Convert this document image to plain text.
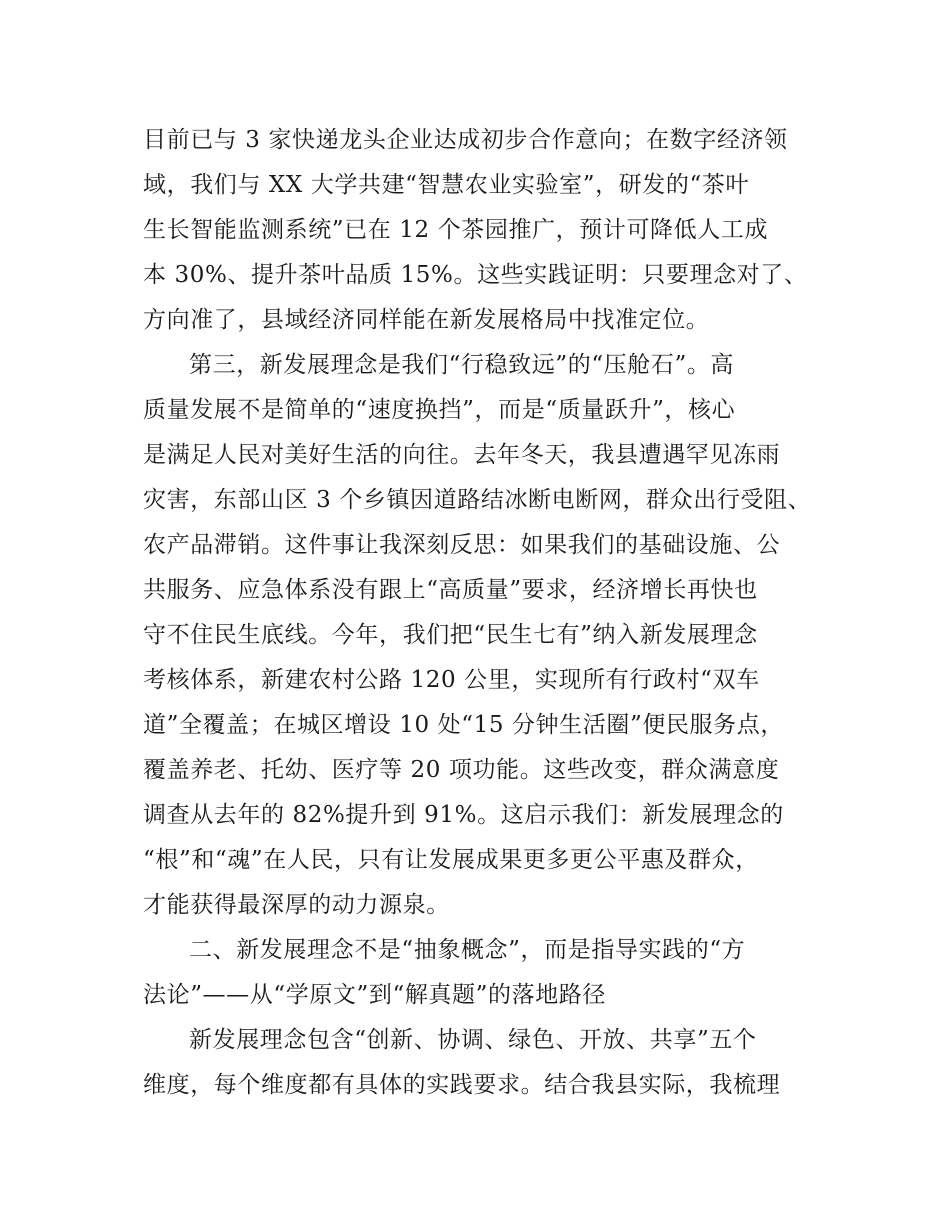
目前已与 3 家快递龙头企业达成初步合作意向；在数字经济领
域，我们与 XX 大学共建“智慧农业实验室”，研发的“茶叶
生长智能监测系统”已在 12 个茶园推广，预计可降低人工成
本 30%、提升茶叶品质 15%。这些实践证明：只要理念对了、
方向准了，县域经济同样能在新发展格局中找准定位。
第三，新发展理念是我们“行稳致远”的“压舱石”。高
质量发展不是简单的“速度换挡”，而是“质量跃升”，核心
是满足人民对美好生活的向往。去年冬天，我县遭遇罕见冻雨
灾害，东部山区 3 个乡镇因道路结冰断电断网，群众出行受阻、
农产品滞销。这件事让我深刻反思：如果我们的基础设施、公
共服务、应急体系没有跟上“高质量”要求，经济增长再快也
守不住民生底线。今年，我们把“民生七有”纳入新发展理念
考核体系，新建农村公路 120 公里，实现所有行政村“双车
道”全覆盖；在城区增设 10 处“15 分钟生活圈”便民服务点，
覆盖养老、托幼、医疗等 20 项功能。这些改变，群众满意度
调查从去年的 82%提升到 91%。这启示我们：新发展理念的
“根”和“魂”在人民，只有让发展成果更多更公平惠及群众，
才能获得最深厚的动力源泉。
二、新发展理念不是“抽象概念”，而是指导实践的“方
法论”——从“学原文”到“解真题”的落地路径
新发展理念包含“创新、协调、绿色、开放、共享”五个
维度，每个维度都有具体的实践要求。结合我县实际，我梳理
